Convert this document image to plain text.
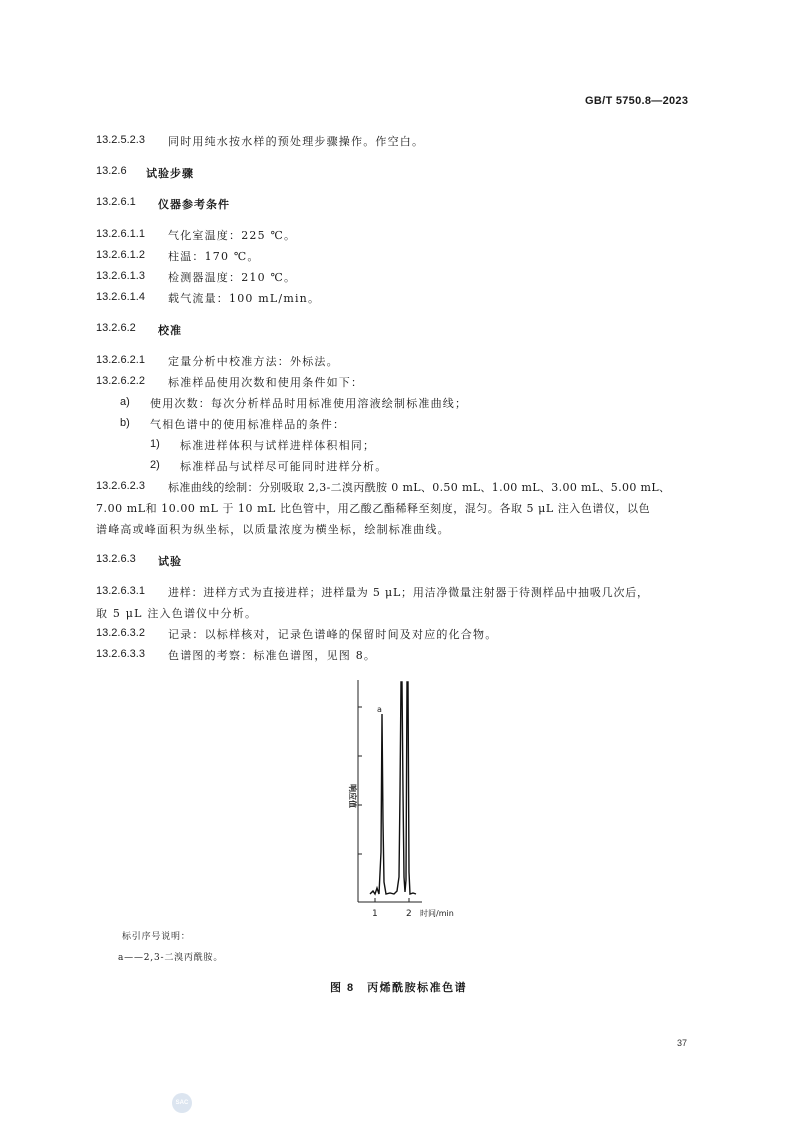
GB/T 5750.8—2023
13.2.5.2.3 同时用纯水按水样的预处理步骤操作。作空白。
13.2.6 试验步骤
13.2.6.1 仪器参考条件
13.2.6.1.1 气化室温度：225 ℃。
13.2.6.1.2 柱温：170 ℃。
13.2.6.1.3 检测器温度：210 ℃。
13.2.6.1.4 载气流量：100 mL/min。
13.2.6.2 校准
13.2.6.2.1 定量分析中校准方法：外标法。
13.2.6.2.2 标准样品使用次数和使用条件如下：
a) 使用次数：每次分析样品时用标准使用溶液绘制标准曲线；
b) 气相色谱中的使用标准样品的条件：
1) 标准进样体积与试样进样体积相同；
2) 标准样品与试样尽可能同时进样分析。
13.2.6.2.3 标准曲线的绘制：分别吸取 2,3-二溴丙酰胺 0 mL、0.50 mL、1.00 mL、3.00 mL、5.00 mL、
7.00 mL和 10.00 mL 于 10 mL 比色管中，用乙酸乙酯稀释至刻度，混匀。各取 5 μL 注入色谱仪，以色
谱峰高或峰面积为纵坐标，以质量浓度为横坐标，绘制标准曲线。
13.2.6.3 试验
13.2.6.3.1 进样：进样方式为直接进样；进样量为 5 μL；用洁净微量注射器于待测样品中抽吸几次后，
取 5 μL 注入色谱仪中分析。
13.2.6.3.2 记录：以标样核对，记录色谱峰的保留时间及对应的化合物。
13.2.6.3.3 色谱图的考察：标准色谱图，见图 8。
a
响应值
1	2 时间/min
标引序号说明：
a——2,3-二溴丙酰胺。
图 8　丙烯酰胺标准色谱
37
SAC
